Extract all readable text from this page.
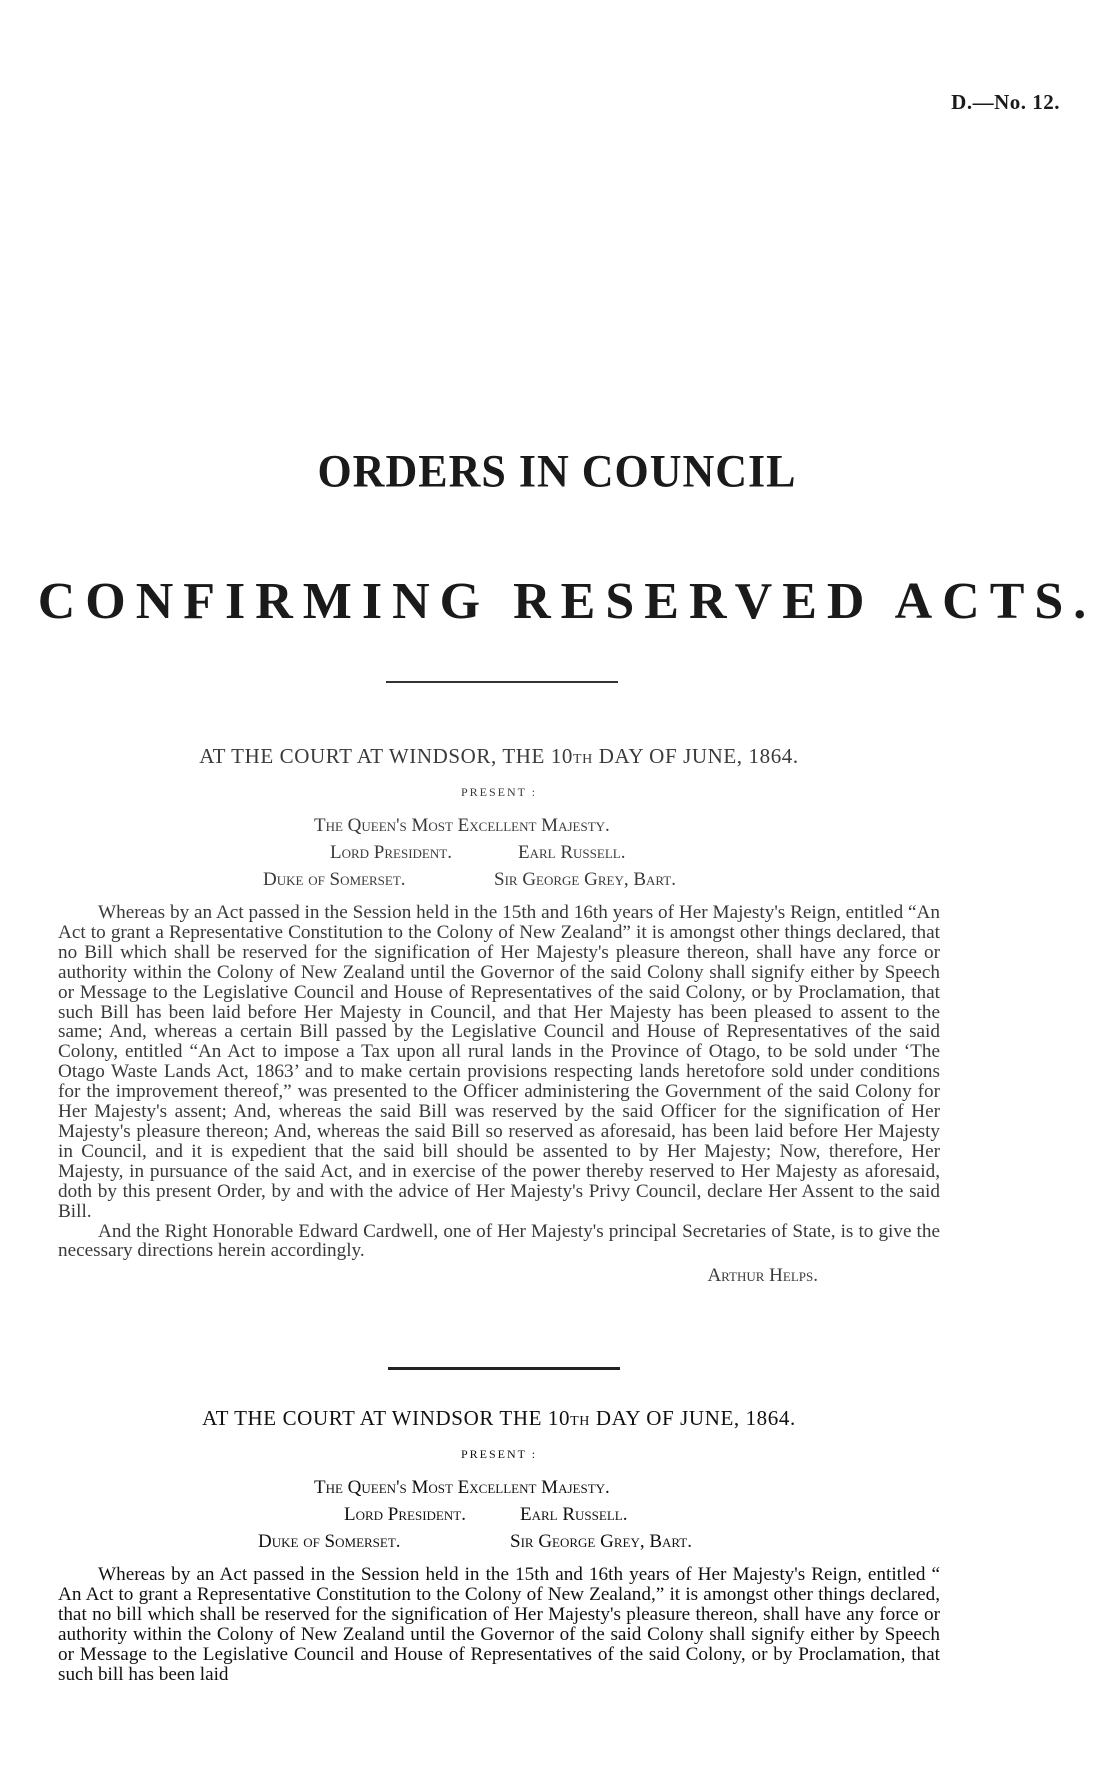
D.—No. 12.
ORDERS IN COUNCIL
CONFIRMING RESERVED ACTS.
AT THE COURT AT WINDSOR, THE 10TH DAY OF JUNE, 1864.
PRESENT :
The Queen's Most Excellent Majesty.
Lord President.	Earl Russell.
Duke of Somerset.	Sir George Grey, Bart.

Whereas by an Act passed in the Session held in the 15th and 16th years of Her Majesty's Reign, entitled “An Act to grant a Representative Constitution to the Colony of New Zealand” it is amongst other things declared, that no Bill which shall be reserved for the signification of Her Majesty's pleasure thereon, shall have any force or authority within the Colony of New Zealand until the Governor of the said Colony shall signify either by Speech or Message to the Legislative Council and House of Representatives of the said Colony, or by Proclamation, that such Bill has been laid before Her Majesty in Council, and that Her Majesty has been pleased to assent to the same; And, whereas a certain Bill passed by the Legislative Council and House of Representatives of the said Colony, entitled “An Act to impose a Tax upon all rural lands in the Province of Otago, to be sold under ‘The Otago Waste Lands Act, 1863’ and to make certain provisions respecting lands heretofore sold under conditions for the improvement thereof,” was presented to the Officer administering the Government of the said Colony for Her Majesty's assent; And, whereas the said Bill was reserved by the said Officer for the signification of Her Majesty's pleasure thereon; And, whereas the said Bill so reserved as aforesaid, has been laid before Her Majesty in Council, and it is expedient that the said bill should be assented to by Her Majesty; Now, therefore, Her Majesty, in pursuance of the said Act, and in exercise of the power thereby reserved to Her Majesty as aforesaid, doth by this present Order, by and with the advice of Her Majesty's Privy Council, declare Her Assent to the said Bill.

And the Right Honorable Edward Cardwell, one of Her Majesty's principal Secretaries of State, is to give the necessary directions herein accordingly.

Arthur Helps.
AT THE COURT AT WINDSOR THE 10TH DAY OF JUNE, 1864.
PRESENT :
The Queen's Most Excellent Majesty.
Lord President.	Earl Russell.
Duke of Somerset.	Sir George Grey, Bart.

Whereas by an Act passed in the Session held in the 15th and 16th years of Her Majesty's Reign, entitled “ An Act to grant a Representative Constitution to the Colony of New Zealand,” it is amongst other things declared, that no bill which shall be reserved for the signification of Her Majesty's pleasure thereon, shall have any force or authority within the Colony of New Zealand until the Governor of the said Colony shall signify either by Speech or Message to the Legislative Council and House of Representatives of the said Colony, or by Proclamation, that such bill has been laid
